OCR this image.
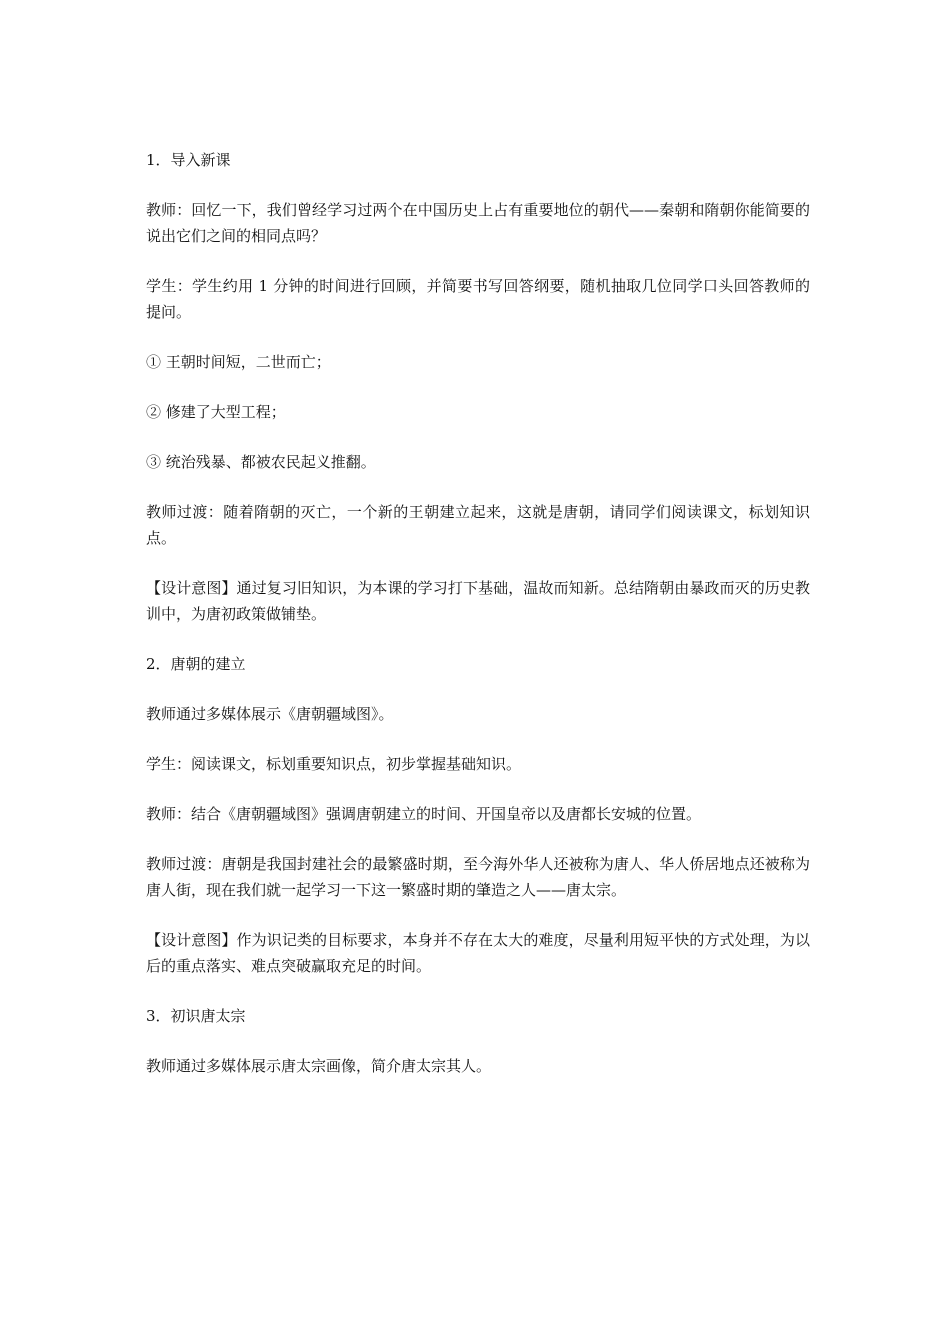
1．导入新课

教师：回忆一下，我们曾经学习过两个在中国历史上占有重要地位的朝代——秦朝和隋朝你能简要的说出它们之间的相同点吗？

学生：学生约用 1 分钟的时间进行回顾，并简要书写回答纲要，随机抽取几位同学口头回答教师的提问。

① 王朝时间短，二世而亡；

② 修建了大型工程；

③ 统治残暴、都被农民起义推翻。

教师过渡：随着隋朝的灭亡，一个新的王朝建立起来，这就是唐朝，请同学们阅读课文，标划知识点。

【设计意图】通过复习旧知识，为本课的学习打下基础，温故而知新。总结隋朝由暴政而灭的历史教训中，为唐初政策做铺垫。

2．唐朝的建立

教师通过多媒体展示《唐朝疆域图》。

学生：阅读课文，标划重要知识点，初步掌握基础知识。

教师：结合《唐朝疆域图》强调唐朝建立的时间、开国皇帝以及唐都长安城的位置。

教师过渡：唐朝是我国封建社会的最繁盛时期，至今海外华人还被称为唐人、华人侨居地点还被称为唐人街，现在我们就一起学习一下这一繁盛时期的肇造之人——唐太宗。

【设计意图】作为识记类的目标要求，本身并不存在太大的难度，尽量利用短平快的方式处理，为以后的重点落实、难点突破赢取充足的时间。

3．初识唐太宗

教师通过多媒体展示唐太宗画像，简介唐太宗其人。
